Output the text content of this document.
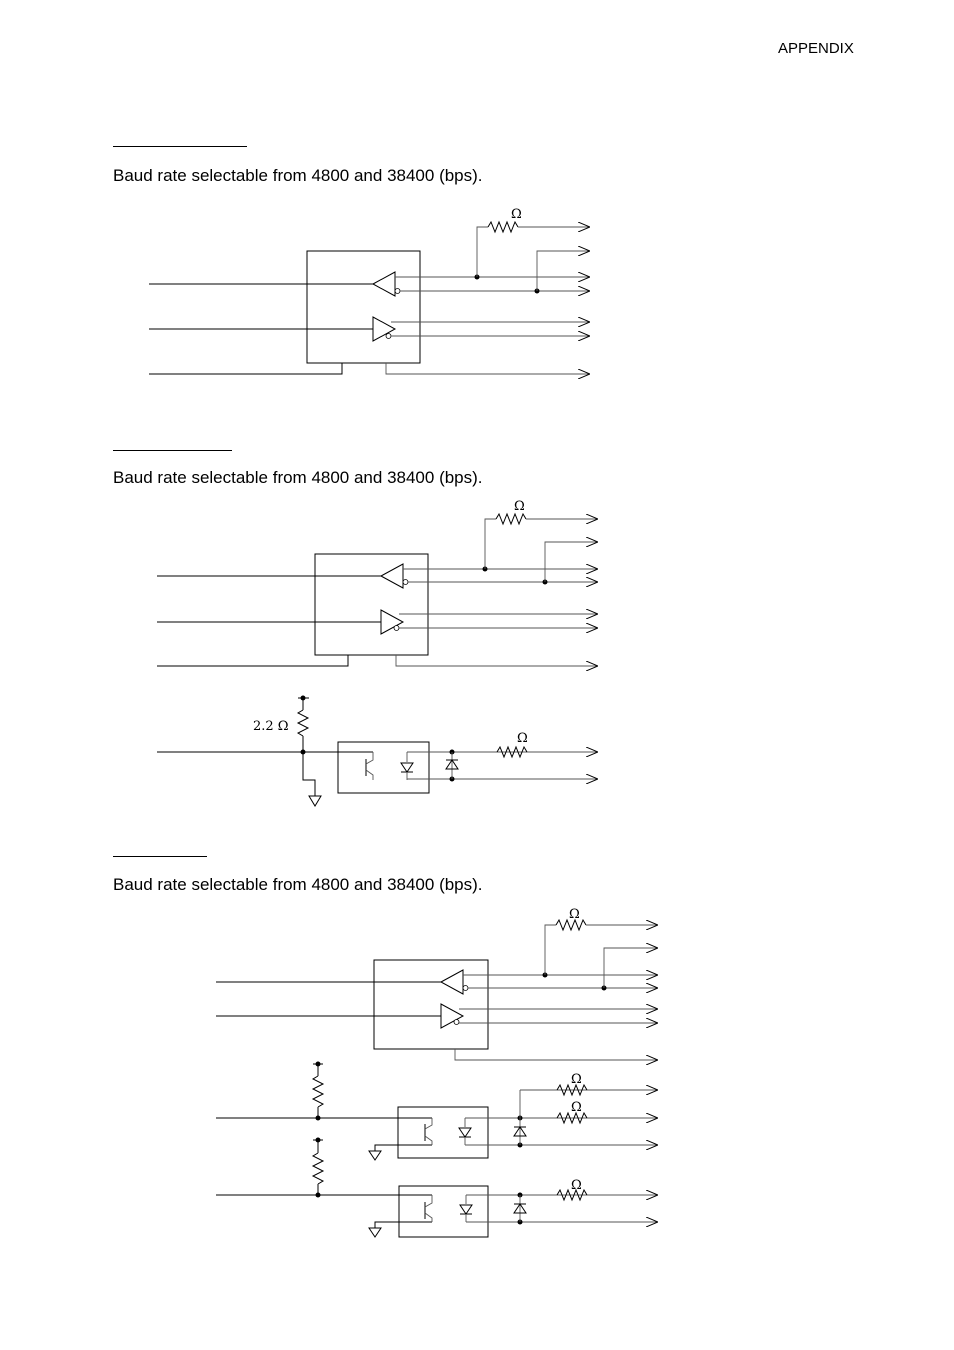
APPENDIX
Baud rate selectable from 4800 and 38400 (bps).
Baud rate selectable from 4800 and 38400 (bps).
Baud rate selectable from 4800 and 38400 (bps).
Ω
Ω
2.2 Ω
Ω
Ω
Ω
Ω
Ω
